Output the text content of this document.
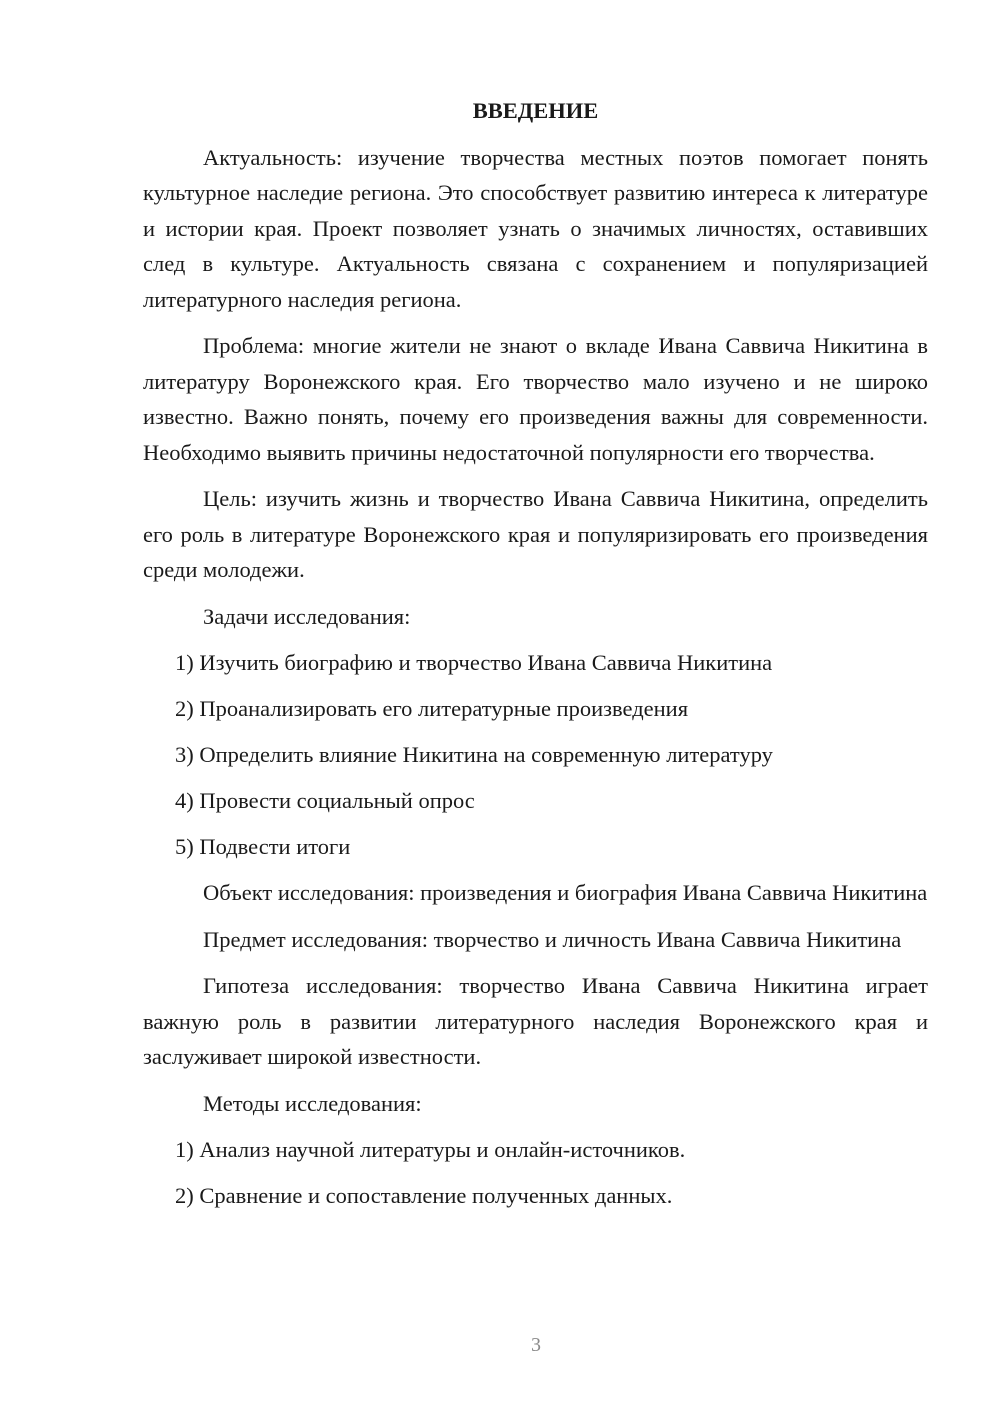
ВВЕДЕНИЕ
Актуальность: изучение творчества местных поэтов помогает понять культурное наследие региона. Это способствует развитию интереса к литературе и истории края. Проект позволяет узнать о значимых личностях, оставивших след в культуре. Актуальность связана с сохранением и популяризацией литературного наследия региона.
Проблема: многие жители не знают о вкладе Ивана Саввича Никитина в литературу Воронежского края. Его творчество мало изучено и не широко известно. Важно понять, почему его произведения важны для современности. Необходимо выявить причины недостаточной популярности его творчества.
Цель: изучить жизнь и творчество Ивана Саввича Никитина, определить его роль в литературе Воронежского края и популяризировать его произведения среди молодежи.
Задачи исследования:
1) Изучить биографию и творчество Ивана Саввича Никитина
2) Проанализировать его литературные произведения
3) Определить влияние Никитина на современную литературу
4) Провести социальный опрос
5) Подвести итоги
Объект исследования: произведения и биография Ивана Саввича Никитина
Предмет исследования: творчество и личность Ивана Саввича Никитина
Гипотеза исследования: творчество Ивана Саввича Никитина играет важную роль в развитии литературного наследия Воронежского края и заслуживает широкой известности.
Методы исследования:
1) Анализ научной литературы и онлайн-источников.
2) Сравнение и сопоставление полученных данных.
3
